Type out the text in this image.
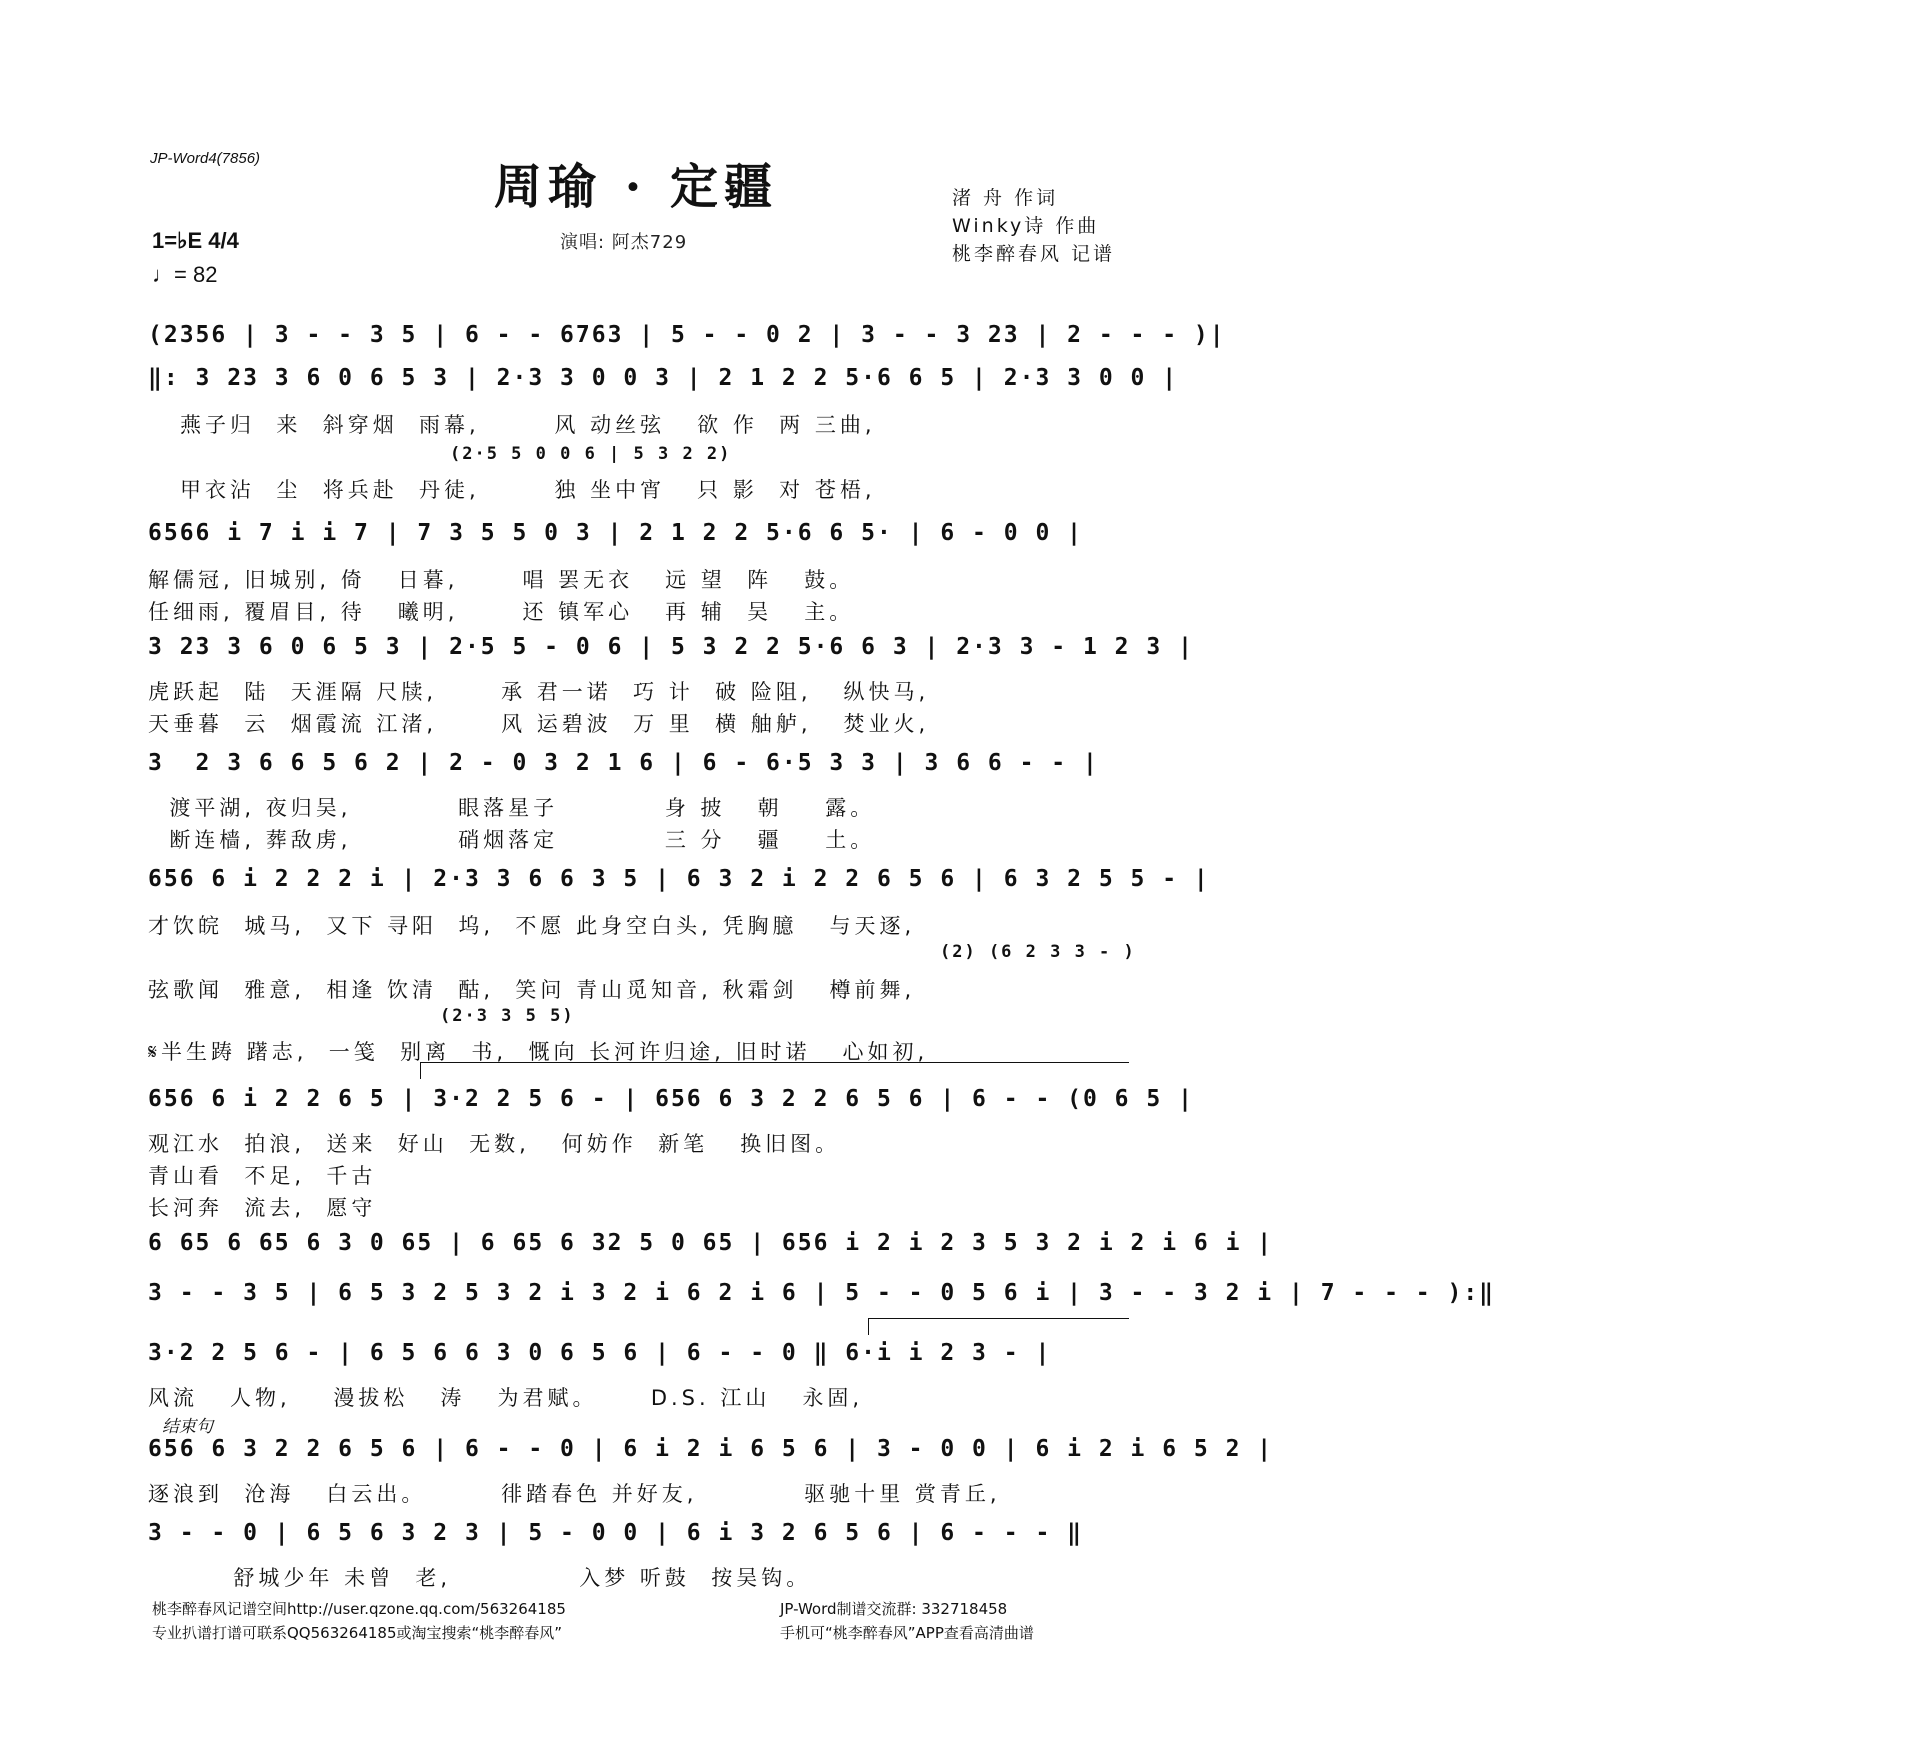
JP-Word4(7856)
周瑜 · 定疆	渚 舟 作词
Winky诗 作曲
桃李醉春风 记谱
演唱: 阿杰729
1=♭E 4/4
♩= 82
(2356 | 3 - - 3 5 | 6 - - 6763 | 5 - - 0 2 | 3 - - 3 23 | 2 - - - )|
‖: 3 23 3 6 0 6 5 3 | 2·3 3 0 0 3 | 2 1 2 2 5·6 6 5 | 2·3 3 0 0 |
燕子归  来  斜穿烟  雨幕,       风 动丝弦   欲 作  两 三曲,
(2·5 5 0 0 6 | 5 3 2 2)
甲衣沾  尘  将兵赴  丹徒,       独 坐中宵   只 影  对 苍梧,
6566 i 7 i i 7 | 7 3 5 5 0 3 | 2 1 2 2 5·6 6 5· | 6 - 0 0 |
解儒冠, 旧城别, 倚   日暮,      唱 罢无衣   远 望  阵   鼓。
任细雨, 覆眉目, 待   曦明,      还 镇军心   再 辅  吴   主。
3 23 3 6 0 6 5 3 | 2·5 5 - 0 6 | 5 3 2 2 5·6 6 3 | 2·3 3 - 1 2 3 |
虎跃起  陆  天涯隔 尺牍,      承 君一诺  巧 计  破 险阻,   纵快马,
天垂暮  云  烟霞流 江渚,      风 运碧波  万 里  横 舳舻,   焚业火,
3  2 3 6 6 5 6 2 | 2 - 0 3 2 1 6 | 6 - 6·5 3 3 | 3 6 6 - - |
渡平湖, 夜归吴,          眼落星子          身 披   朝    露。
断连樯, 葬敌虏,          硝烟落定          三 分   疆    土。
656 6 i 2 2 2 i | 2·3 3 6 6 3 5 | 6 3 2 i 2 2 6 5 6 | 6 3 2 5 5 - |
才饮皖  城马,  又下 寻阳  坞,  不愿 此身空白头, 凭胸臆   与天逐,
(2) (6 2 3 3 - )
弦歌闻  雅意,  相逢 饮清  酤,  笑问 青山觅知音, 秋霜剑   樽前舞,
(2·3 3 5 5)
𝄋半生踌 躇志,  一笺  别离  书,  慨向 长河许归途, 旧时诺   心如初,
656 6 i 2 2 6 5 | 3·2 2 5 6 - | 656 6 3 2 2 6 5 6 | 6 - - (0 6 5 |
观江水  拍浪,  送来  好山  无数,   何妨作  新笔   换旧图。
青山看  不足,  千古
长河奔  流去,  愿守
6 65 6 65 6 3 0 65 | 6 65 6 32 5 0 65 | 656 i 2 i 2 3 5 3 2 i 2 i 6 i |
3 - - 3 5 | 6 5 3 2 5 3 2 i 3 2 i 6 2 i 6 | 5 - - 0 5 6 i | 3 - - 3 2 i | 7 - - - ):‖
3·2 2 5 6 - | 6 5 6 6 3 0 6 5 6 | 6 - - 0 ‖ 6·i i 2 3 - |
风流   人物,    漫拔松   涛   为君赋。     D.S. 江山   永固,
结束句
656 6 3 2 2 6 5 6 | 6 - - 0 | 6 i 2 i 6 5 6 | 3 - 0 0 | 6 i 2 i 6 5 2 |
逐浪到  沧海   白云出。       徘踏春色 并好友,          驱驰十里 赏青丘,
3 - - 0 | 6 5 6 3 2 3 | 5 - 0 0 | 6 i 3 2 6 5 6 | 6 - - - ‖
舒城少年 未曾  老,            入梦 听鼓  按吴钩。
桃李醉春风记谱空间http://user.qzone.qq.com/563264185	JP-Word制谱交流群: 332718458
专业扒谱打谱可联系QQ563264185或淘宝搜索“桃李醉春风”	手机可“桃李醉春风”APP查看高清曲谱
